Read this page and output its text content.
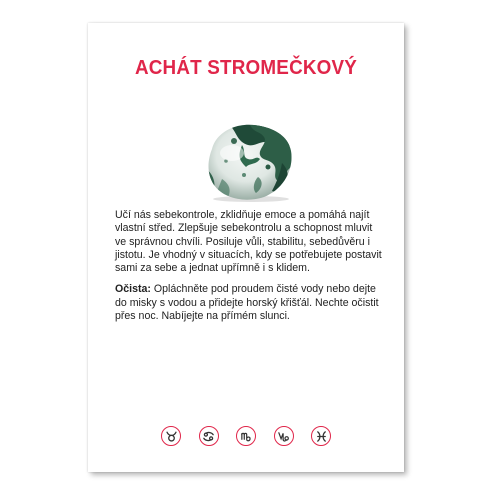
ACHÁT STROMEČKOVÝ

Učí nás sebekontrole, zklidňuje emoce a pomáhá najít vlastní střed. Zlepšuje sebekontrolu a schopnost mluvit ve správnou chvíli. Posiluje vůli, stabilitu, sebedůvěru i jistotu. Je vhodný v situacích, kdy se potřebujete postavit sami za sebe a jednat upřímně i s klidem.

Očista: Opláchněte pod proudem čisté vody nebo dejte do misky s vodou a přidejte horský křišťál. Nechte očistit přes noc. Nabíjejte na přímém slunci.
